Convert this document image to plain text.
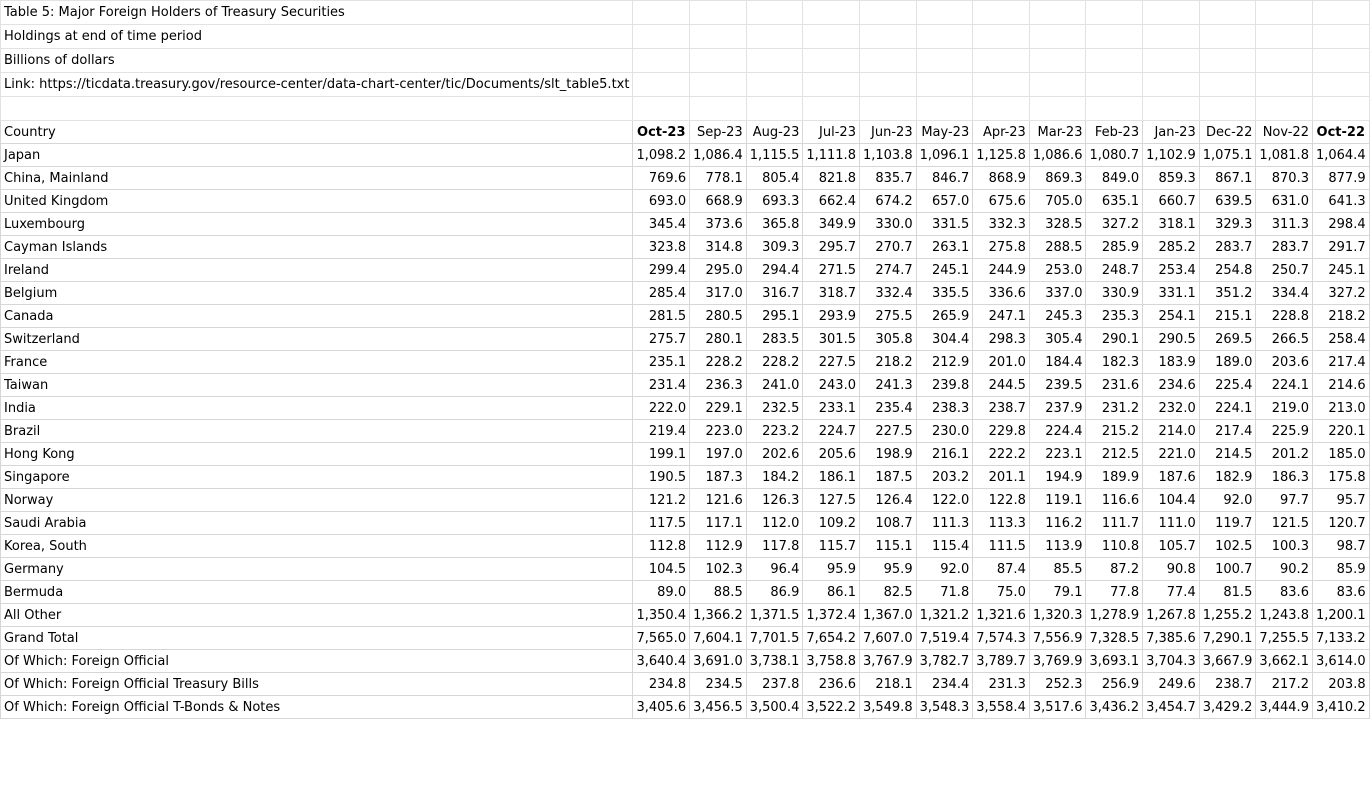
Table 5: Major Foreign Holders of Treasury Securities													
Holdings at end of time period													
Billions of dollars													
Link: https://ticdata.treasury.gov/resource-center/data-chart-center/tic/Documents/slt_table5.txt													

Country	Oct-23	Sep-23	Aug-23	Jul-23	Jun-23	May-23	Apr-23	Mar-23	Feb-23	Jan-23	Dec-22	Nov-22	Oct-22
Japan	1,098.2	1,086.4	1,115.5	1,111.8	1,103.8	1,096.1	1,125.8	1,086.6	1,080.7	1,102.9	1,075.1	1,081.8	1,064.4
China, Mainland	769.6	778.1	805.4	821.8	835.7	846.7	868.9	869.3	849.0	859.3	867.1	870.3	877.9
United Kingdom	693.0	668.9	693.3	662.4	674.2	657.0	675.6	705.0	635.1	660.7	639.5	631.0	641.3
Luxembourg	345.4	373.6	365.8	349.9	330.0	331.5	332.3	328.5	327.2	318.1	329.3	311.3	298.4
Cayman Islands	323.8	314.8	309.3	295.7	270.7	263.1	275.8	288.5	285.9	285.2	283.7	283.7	291.7
Ireland	299.4	295.0	294.4	271.5	274.7	245.1	244.9	253.0	248.7	253.4	254.8	250.7	245.1
Belgium	285.4	317.0	316.7	318.7	332.4	335.5	336.6	337.0	330.9	331.1	351.2	334.4	327.2
Canada	281.5	280.5	295.1	293.9	275.5	265.9	247.1	245.3	235.3	254.1	215.1	228.8	218.2
Switzerland	275.7	280.1	283.5	301.5	305.8	304.4	298.3	305.4	290.1	290.5	269.5	266.5	258.4
France	235.1	228.2	228.2	227.5	218.2	212.9	201.0	184.4	182.3	183.9	189.0	203.6	217.4
Taiwan	231.4	236.3	241.0	243.0	241.3	239.8	244.5	239.5	231.6	234.6	225.4	224.1	214.6
India	222.0	229.1	232.5	233.1	235.4	238.3	238.7	237.9	231.2	232.0	224.1	219.0	213.0
Brazil	219.4	223.0	223.2	224.7	227.5	230.0	229.8	224.4	215.2	214.0	217.4	225.9	220.1
Hong Kong	199.1	197.0	202.6	205.6	198.9	216.1	222.2	223.1	212.5	221.0	214.5	201.2	185.0
Singapore	190.5	187.3	184.2	186.1	187.5	203.2	201.1	194.9	189.9	187.6	182.9	186.3	175.8
Norway	121.2	121.6	126.3	127.5	126.4	122.0	122.8	119.1	116.6	104.4	92.0	97.7	95.7
Saudi Arabia	117.5	117.1	112.0	109.2	108.7	111.3	113.3	116.2	111.7	111.0	119.7	121.5	120.7
Korea, South	112.8	112.9	117.8	115.7	115.1	115.4	111.5	113.9	110.8	105.7	102.5	100.3	98.7
Germany	104.5	102.3	96.4	95.9	95.9	92.0	87.4	85.5	87.2	90.8	100.7	90.2	85.9
Bermuda	89.0	88.5	86.9	86.1	82.5	71.8	75.0	79.1	77.8	77.4	81.5	83.6	83.6
All Other	1,350.4	1,366.2	1,371.5	1,372.4	1,367.0	1,321.2	1,321.6	1,320.3	1,278.9	1,267.8	1,255.2	1,243.8	1,200.1
Grand Total	7,565.0	7,604.1	7,701.5	7,654.2	7,607.0	7,519.4	7,574.3	7,556.9	7,328.5	7,385.6	7,290.1	7,255.5	7,133.2
Of Which: Foreign Official	3,640.4	3,691.0	3,738.1	3,758.8	3,767.9	3,782.7	3,789.7	3,769.9	3,693.1	3,704.3	3,667.9	3,662.1	3,614.0
Of Which: Foreign Official Treasury Bills	234.8	234.5	237.8	236.6	218.1	234.4	231.3	252.3	256.9	249.6	238.7	217.2	203.8
Of Which: Foreign Official T-Bonds & Notes	3,405.6	3,456.5	3,500.4	3,522.2	3,549.8	3,548.3	3,558.4	3,517.6	3,436.2	3,454.7	3,429.2	3,444.9	3,410.2
